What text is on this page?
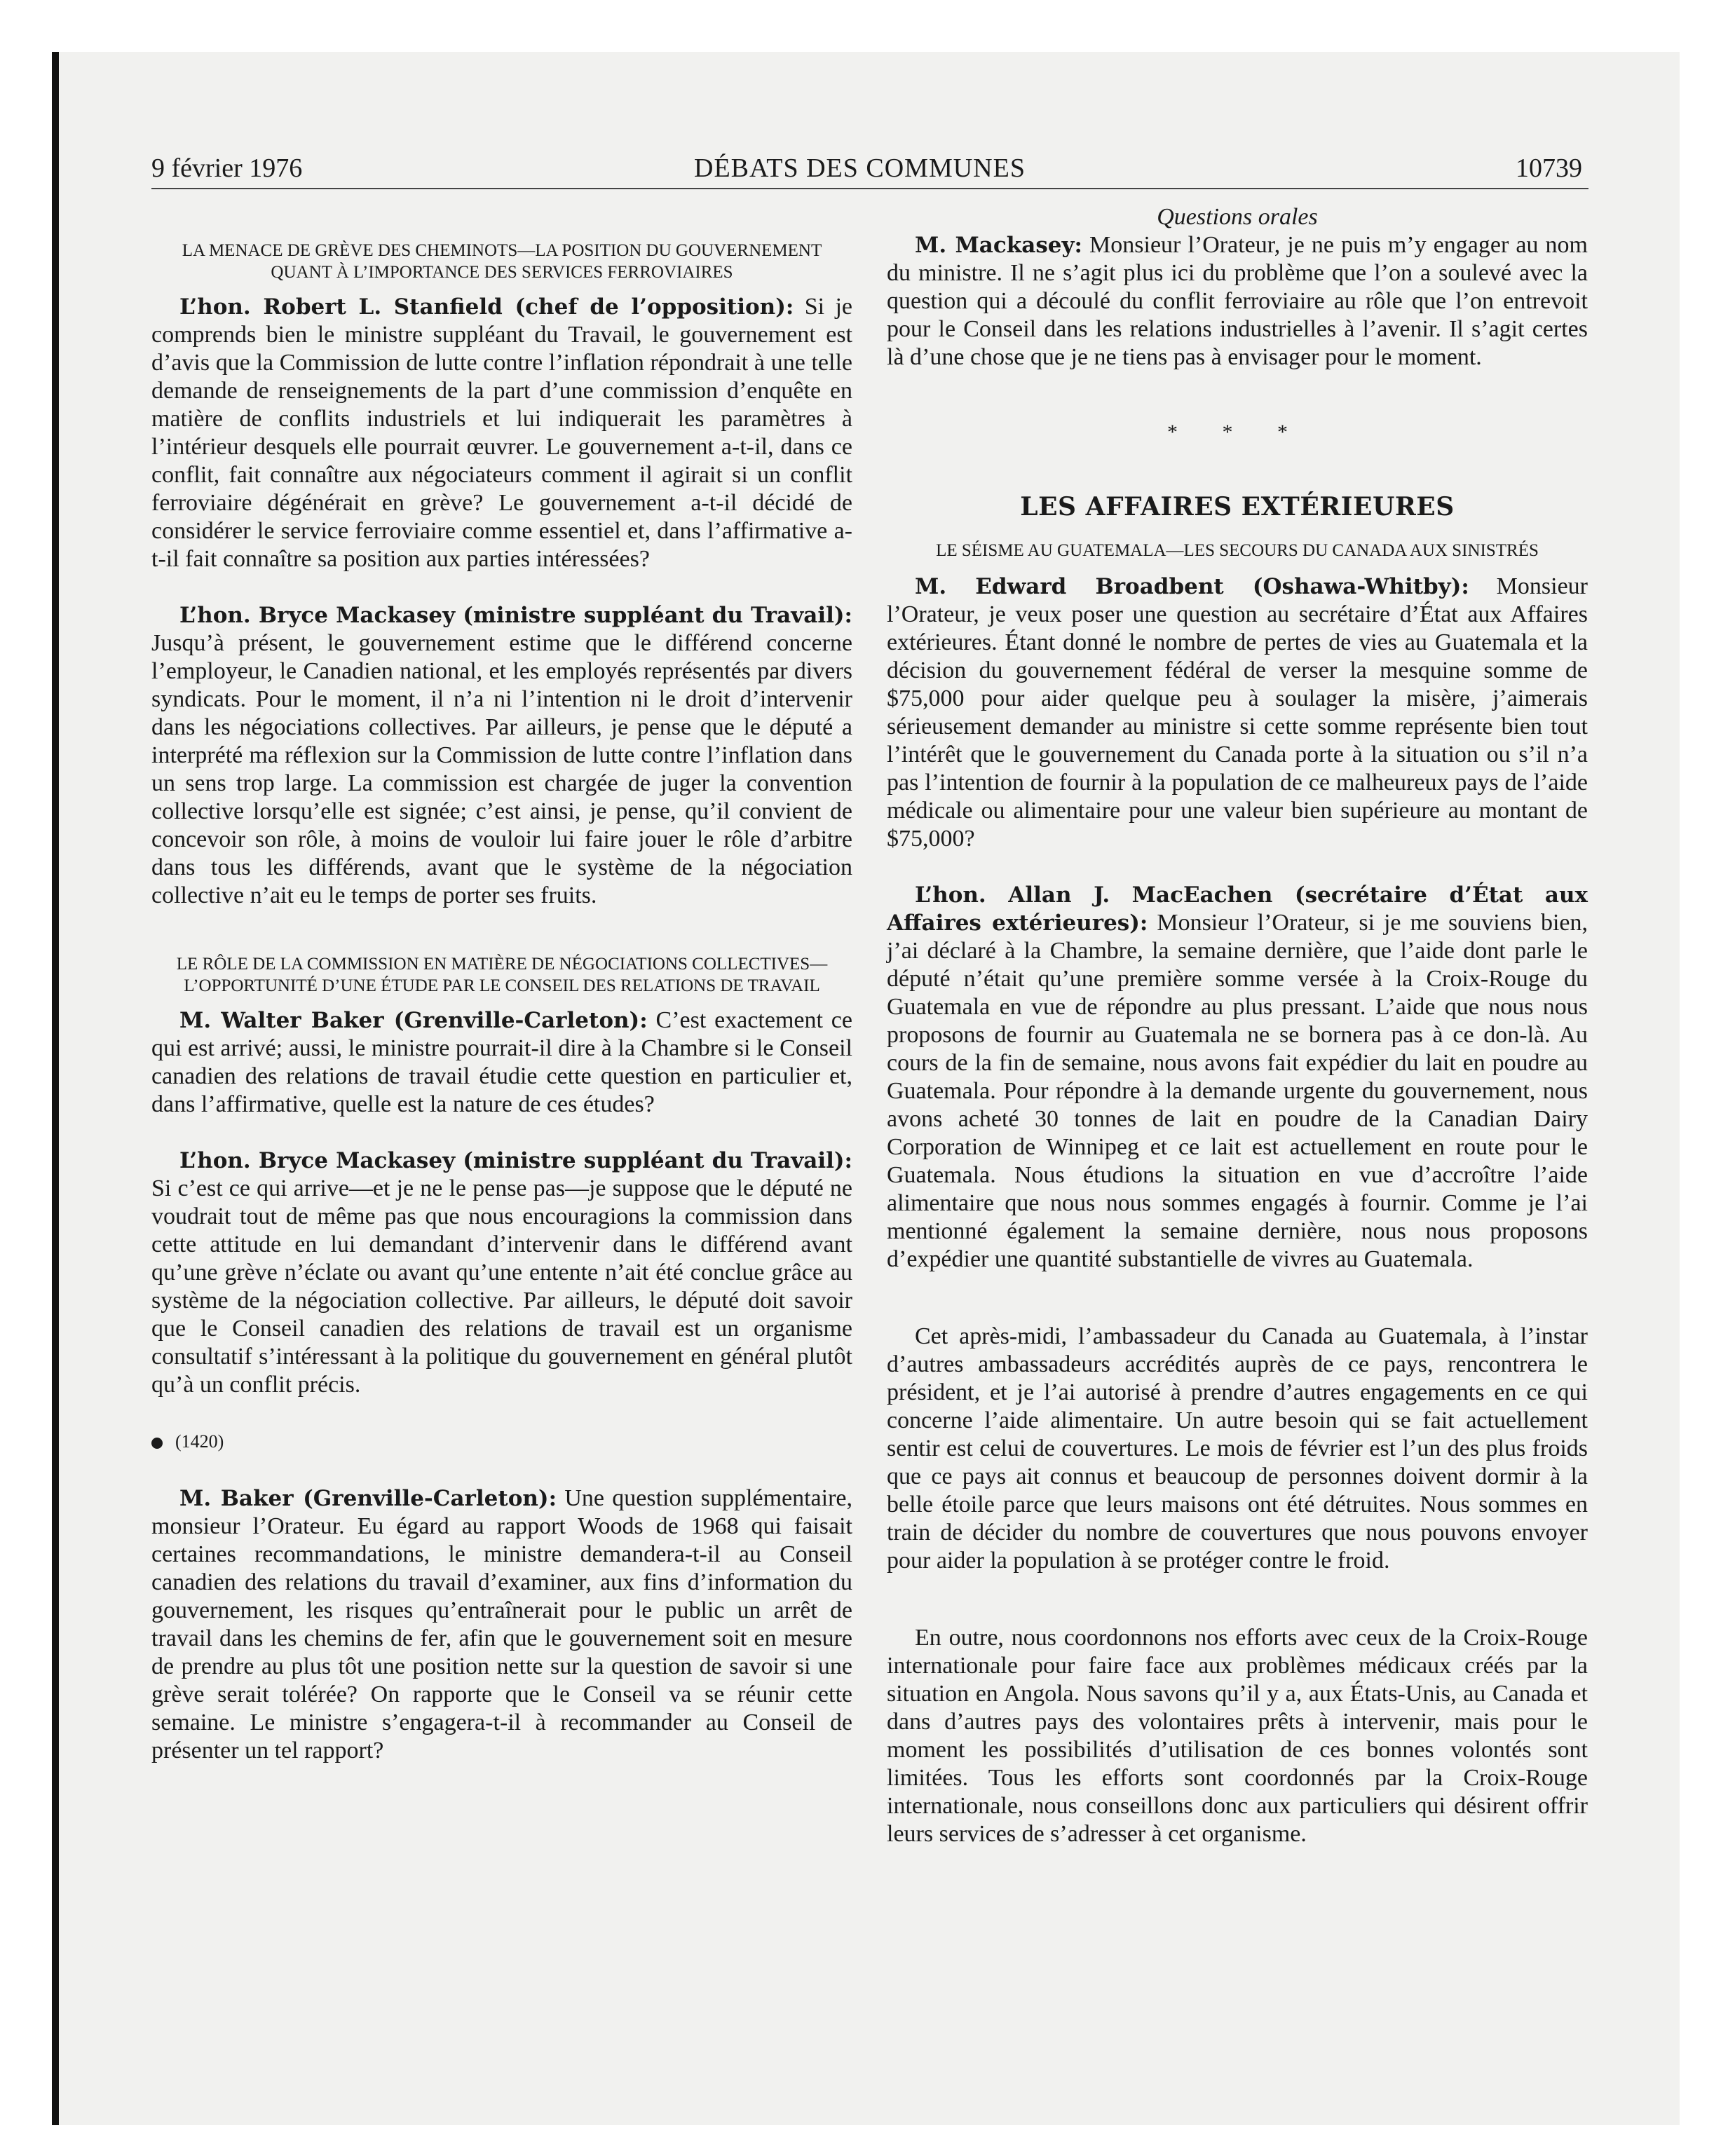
9 février 1976	DÉBATS DES COMMUNES	10739

LA MENACE DE GRÈVE DES CHEMINOTS—LA POSITION DU GOUVERNEMENT QUANT À L’IMPORTANCE DES SERVICES FERROVIAIRES

L’hon. Robert L. Stanfield (chef de l’opposition): Si je comprends bien le ministre suppléant du Travail, le gouvernement est d’avis que la Commission de lutte contre l’inflation répondrait à une telle demande de renseignements de la part d’une commission d’enquête en matière de conflits industriels et lui indiquerait les paramètres à l’intérieur desquels elle pourrait œuvrer. Le gouvernement a-t-il, dans ce conflit, fait connaître aux négociateurs comment il agirait si un conflit ferroviaire dégénérait en grève? Le gouvernement a-t-il décidé de considérer le service ferroviaire comme essentiel et, dans l’affirmative a-t-il fait connaître sa position aux parties intéressées?

L’hon. Bryce Mackasey (ministre suppléant du Travail): Jusqu’à présent, le gouvernement estime que le différend concerne l’employeur, le Canadien national, et les employés représentés par divers syndicats. Pour le moment, il n’a ni l’intention ni le droit d’intervenir dans les négociations collectives. Par ailleurs, je pense que le député a interprété ma réflexion sur la Commission de lutte contre l’inflation dans un sens trop large. La commission est chargée de juger la convention collective lorsqu’elle est signée; c’est ainsi, je pense, qu’il convient de concevoir son rôle, à moins de vouloir lui faire jouer le rôle d’arbitre dans tous les différends, avant que le système de la négociation collective n’ait eu le temps de porter ses fruits.

LE RÔLE DE LA COMMISSION EN MATIÈRE DE NÉGOCIATIONS COLLECTIVES—L’OPPORTUNITÉ D’UNE ÉTUDE PAR LE CONSEIL DES RELATIONS DE TRAVAIL

M. Walter Baker (Grenville-Carleton): C’est exactement ce qui est arrivé; aussi, le ministre pourrait-il dire à la Chambre si le Conseil canadien des relations de travail étudie cette question en particulier et, dans l’affirmative, quelle est la nature de ces études?

L’hon. Bryce Mackasey (ministre suppléant du Travail): Si c’est ce qui arrive—et je ne le pense pas—je suppose que le député ne voudrait tout de même pas que nous encouragions la commission dans cette attitude en lui demandant d’intervenir dans le différend avant qu’une grève n’éclate ou avant qu’une entente n’ait été conclue grâce au système de la négociation collective. Par ailleurs, le député doit savoir que le Conseil canadien des relations de travail est un organisme consultatif s’intéressant à la politique du gouvernement en général plutôt qu’à un conflit précis.

(1420)

M. Baker (Grenville-Carleton): Une question supplémentaire, monsieur l’Orateur. Eu égard au rapport Woods de 1968 qui faisait certaines recommandations, le ministre demandera-t-il au Conseil canadien des relations du travail d’examiner, aux fins d’information du gouvernement, les risques qu’entraînerait pour le public un arrêt de travail dans les chemins de fer, afin que le gouvernement soit en mesure de prendre au plus tôt une position nette sur la question de savoir si une grève serait tolérée? On rapporte que le Conseil va se réunir cette semaine. Le ministre s’engagera-t-il à recommander au Conseil de présenter un tel rapport?

Questions orales

M. Mackasey: Monsieur l’Orateur, je ne puis m’y engager au nom du ministre. Il ne s’agit plus ici du problème que l’on a soulevé avec la question qui a découlé du conflit ferroviaire au rôle que l’on entrevoit pour le Conseil dans les relations industrielles à l’avenir. Il s’agit certes là d’une chose que je ne tiens pas à envisager pour le moment.

* * *

LES AFFAIRES EXTÉRIEURES

LE SÉISME AU GUATEMALA—LES SECOURS DU CANADA AUX SINISTRÉS

M. Edward Broadbent (Oshawa-Whitby): Monsieur l’Orateur, je veux poser une question au secrétaire d’État aux Affaires extérieures. Étant donné le nombre de pertes de vies au Guatemala et la décision du gouvernement fédéral de verser la mesquine somme de $75,000 pour aider quelque peu à soulager la misère, j’aimerais sérieusement demander au ministre si cette somme représente bien tout l’intérêt que le gouvernement du Canada porte à la situation ou s’il n’a pas l’intention de fournir à la population de ce malheureux pays de l’aide médicale ou alimentaire pour une valeur bien supérieure au montant de $75,000?

L’hon. Allan J. MacEachen (secrétaire d’État aux Affaires extérieures): Monsieur l’Orateur, si je me souviens bien, j’ai déclaré à la Chambre, la semaine dernière, que l’aide dont parle le député n’était qu’une première somme versée à la Croix-Rouge du Guatemala en vue de répondre au plus pressant. L’aide que nous nous proposons de fournir au Guatemala ne se bornera pas à ce don-là. Au cours de la fin de semaine, nous avons fait expédier du lait en poudre au Guatemala. Pour répondre à la demande urgente du gouvernement, nous avons acheté 30 tonnes de lait en poudre de la Canadian Dairy Corporation de Winnipeg et ce lait est actuellement en route pour le Guatemala. Nous étudions la situation en vue d’accroître l’aide alimentaire que nous nous sommes engagés à fournir. Comme je l’ai mentionné également la semaine dernière, nous nous proposons d’expédier une quantité substantielle de vivres au Guatemala.

Cet après-midi, l’ambassadeur du Canada au Guatemala, à l’instar d’autres ambassadeurs accrédités auprès de ce pays, rencontrera le président, et je l’ai autorisé à prendre d’autres engagements en ce qui concerne l’aide alimentaire. Un autre besoin qui se fait actuellement sentir est celui de couvertures. Le mois de février est l’un des plus froids que ce pays ait connus et beaucoup de personnes doivent dormir à la belle étoile parce que leurs maisons ont été détruites. Nous sommes en train de décider du nombre de couvertures que nous pouvons envoyer pour aider la population à se protéger contre le froid.

En outre, nous coordonnons nos efforts avec ceux de la Croix-Rouge internationale pour faire face aux problèmes médicaux créés par la situation en Angola. Nous savons qu’il y a, aux États-Unis, au Canada et dans d’autres pays des volontaires prêts à intervenir, mais pour le moment les possibilités d’utilisation de ces bonnes volontés sont limitées. Tous les efforts sont coordonnés par la Croix-Rouge internationale, nous conseillons donc aux particuliers qui désirent offrir leurs services de s’adresser à cet organisme.
